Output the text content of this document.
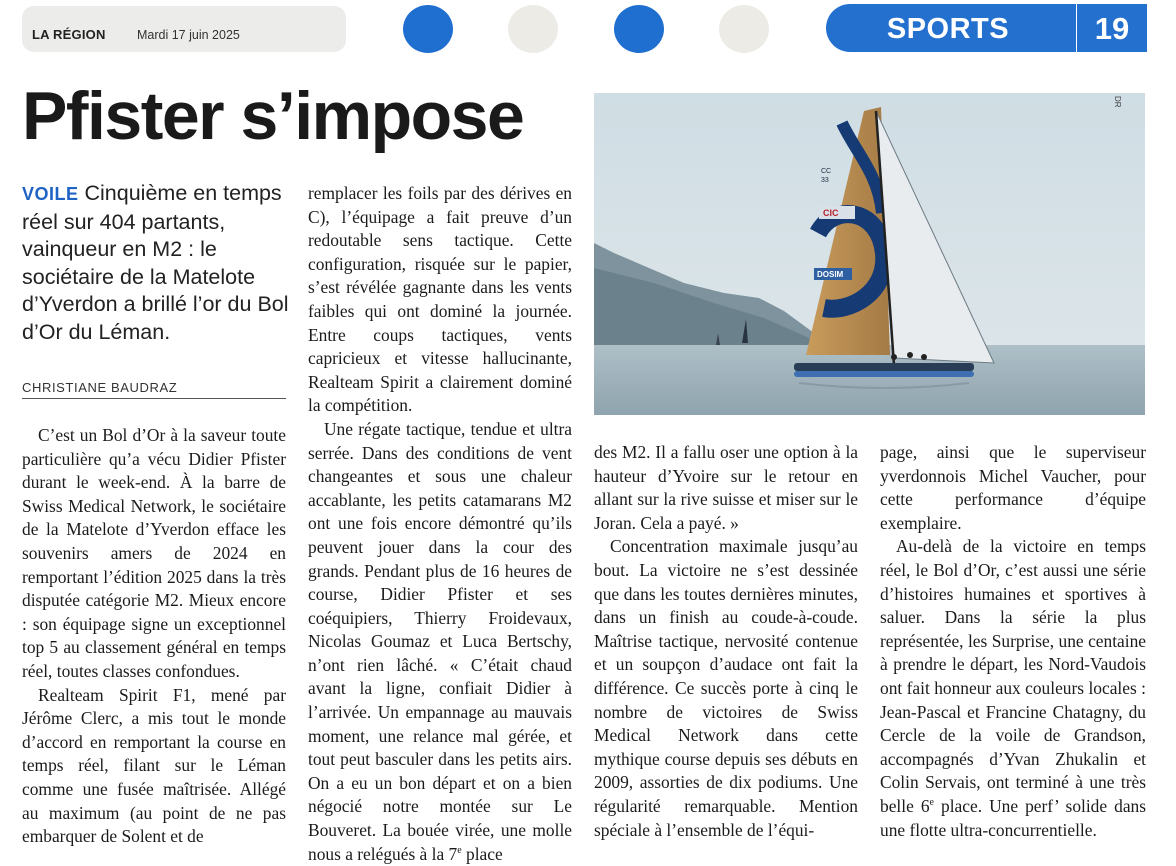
LA RÉGION	Mardi 17 juin 2025	SPORTS	19
Pfister s’impose
VOILE Cinquième en temps réel sur 404 partants, vainqueur en M2 : le sociétaire de la Matelote d’Yverdon a brillé l’or du Bol d’Or du Léman.
CHRISTIANE BAUDRAZ

C’est un Bol d’Or à la saveur toute particulière qu’a vécu Didier Pfister durant le week-end. À la barre de Swiss Medical Network, le sociétaire de la Matelote d’Yverdon efface les souvenirs amers de 2024 en remportant l’édition 2025 dans la très disputée catégorie M2. Mieux encore : son équipage signe un exceptionnel top 5 au classement général en temps réel, toutes classes confondues.

Realteam Spirit F1, mené par Jérôme Clerc, a mis tout le monde d’accord en remportant la course en temps réel, filant sur le Léman comme une fusée maîtrisée. Allégé au maximum (au point de ne pas embarquer de Solent et de

remplacer les foils par des dérives en C), l’équipage a fait preuve d’un redoutable sens tactique. Cette configuration, risquée sur le papier, s’est révélée gagnante dans les vents faibles qui ont dominé la journée. Entre coups tactiques, vents capricieux et vitesse hallucinante, Realteam Spirit a clairement dominé la compétition.

Une régate tactique, tendue et ultra serrée. Dans des conditions de vent changeantes et sous une chaleur accablante, les petits catamarans M2 ont une fois encore démontré qu’ils peuvent jouer dans la cour des grands. Pendant plus de 16 heures de course, Didier Pfister et ses coéquipiers, Thierry Froidevaux, Nicolas Goumaz et Luca Bertschy, n’ont rien lâché. « C’était chaud avant la ligne, confiait Didier à l’arrivée. Un empannage au mauvais moment, une relance mal gérée, et tout peut basculer dans les petits airs. On a eu un bon départ et on a bien négocié notre montée sur Le Bouveret. La bouée virée, une molle nous a relégués à la 7e place

CIC
DOSIM
CC
33
DR

des M2. Il a fallu oser une option à la hauteur d’Yvoire sur le retour en allant sur la rive suisse et miser sur le Joran. Cela a payé. »

Concentration maximale jusqu’au bout. La victoire ne s’est dessinée que dans les toutes dernières minutes, dans un finish au coude-à-coude. Maîtrise tactique, nervosité contenue et un soupçon d’audace ont fait la différence. Ce succès porte à cinq le nombre de victoires de Swiss Medical Network dans cette mythique course depuis ses débuts en 2009, assorties de dix podiums. Une régularité remarquable. Mention spéciale à l’ensemble de l’équi-

page, ainsi que le superviseur yverdonnois Michel Vaucher, pour cette performance d’équipe exemplaire.

Au-delà de la victoire en temps réel, le Bol d’Or, c’est aussi une série d’histoires humaines et sportives à saluer. Dans la série la plus représentée, les Surprise, une centaine à prendre le départ, les Nord-Vaudois ont fait honneur aux couleurs locales : Jean-Pascal et Francine Chatagny, du Cercle de la voile de Grandson, accompagnés d’Yvan Zhukalin et Colin Servais, ont terminé à une très belle 6e place. Une perf’ solide dans une flotte ultra-concurrentielle.
